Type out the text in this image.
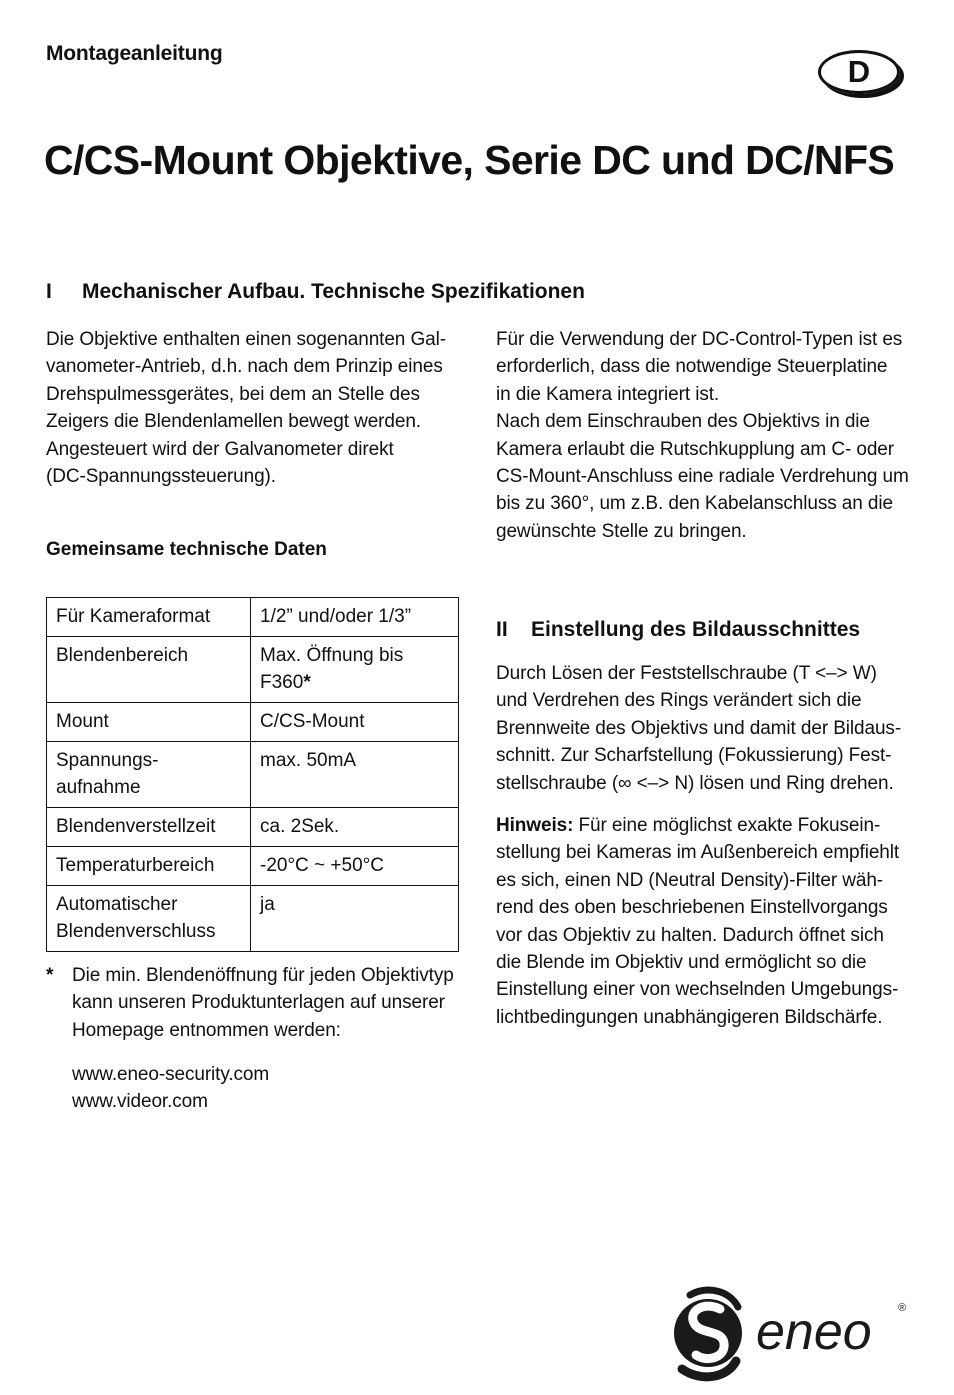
Montageanleitung
D
C/CS-Mount Objektive, Serie DC und DC/NFS
I	Mechanischer Aufbau. Technische Spezifikationen
Die Objektive enthalten einen sogenannten Gal-
vanometer-Antrieb, d.h. nach dem Prinzip eines
Drehspulmessgerätes, bei dem an Stelle des
Zeigers die Blendenlamellen bewegt werden.
Angesteuert wird der Galvanometer direkt
(DC-Spannungssteuerung).
Für die Verwendung der DC-Control-Typen ist es
erforderlich, dass die notwendige Steuerplatine
in die Kamera integriert ist.
Nach dem Einschrauben des Objektivs in die
Kamera erlaubt die Rutschkupplung am C- oder
CS-Mount-Anschluss eine radiale Verdrehung um
bis zu 360°, um z.B. den Kabelanschluss an die
gewünschte Stelle zu bringen.
Gemeinsame technische Daten
Für Kameraformat	1/2” und/oder 1/3”

Blendenbereich	Max. Öffnung bis
F360*

Mount	C/CS-Mount

Spannungs-
aufnahme	max. 50mA

Blendenverstellzeit	ca. 2Sek.

Temperaturbereich	-20°C ~ +50°C

Automatischer
Blendenverschluss	ja
* Die min. Blendenöffnung für jeden Objektivtyp
kann unseren Produktunterlagen auf unserer
Homepage entnommen werden:
www.eneo-security.com
www.videor.com
II	Einstellung des Bildausschnittes
Durch Lösen der Feststellschraube (T <–> W)
und Verdrehen des Rings verändert sich die
Brennweite des Objektivs und damit der Bildaus-
schnitt. Zur Scharfstellung (Fokussierung) Fest-
stellschraube (∞ <–> N) lösen und Ring drehen.
Hinweis: Für eine möglichst exakte Fokusein-
stellung bei Kameras im Außenbereich empfiehlt
es sich, einen ND (Neutral Density)-Filter wäh-
rend des oben beschriebenen Einstellvorgangs
vor das Objektiv zu halten. Dadurch öffnet sich
die Blende im Objektiv und ermöglicht so die
Einstellung einer von wechselnden Umgebungs-
lichtbedingungen unabhängigeren Bildschärfe.
eneo ®
